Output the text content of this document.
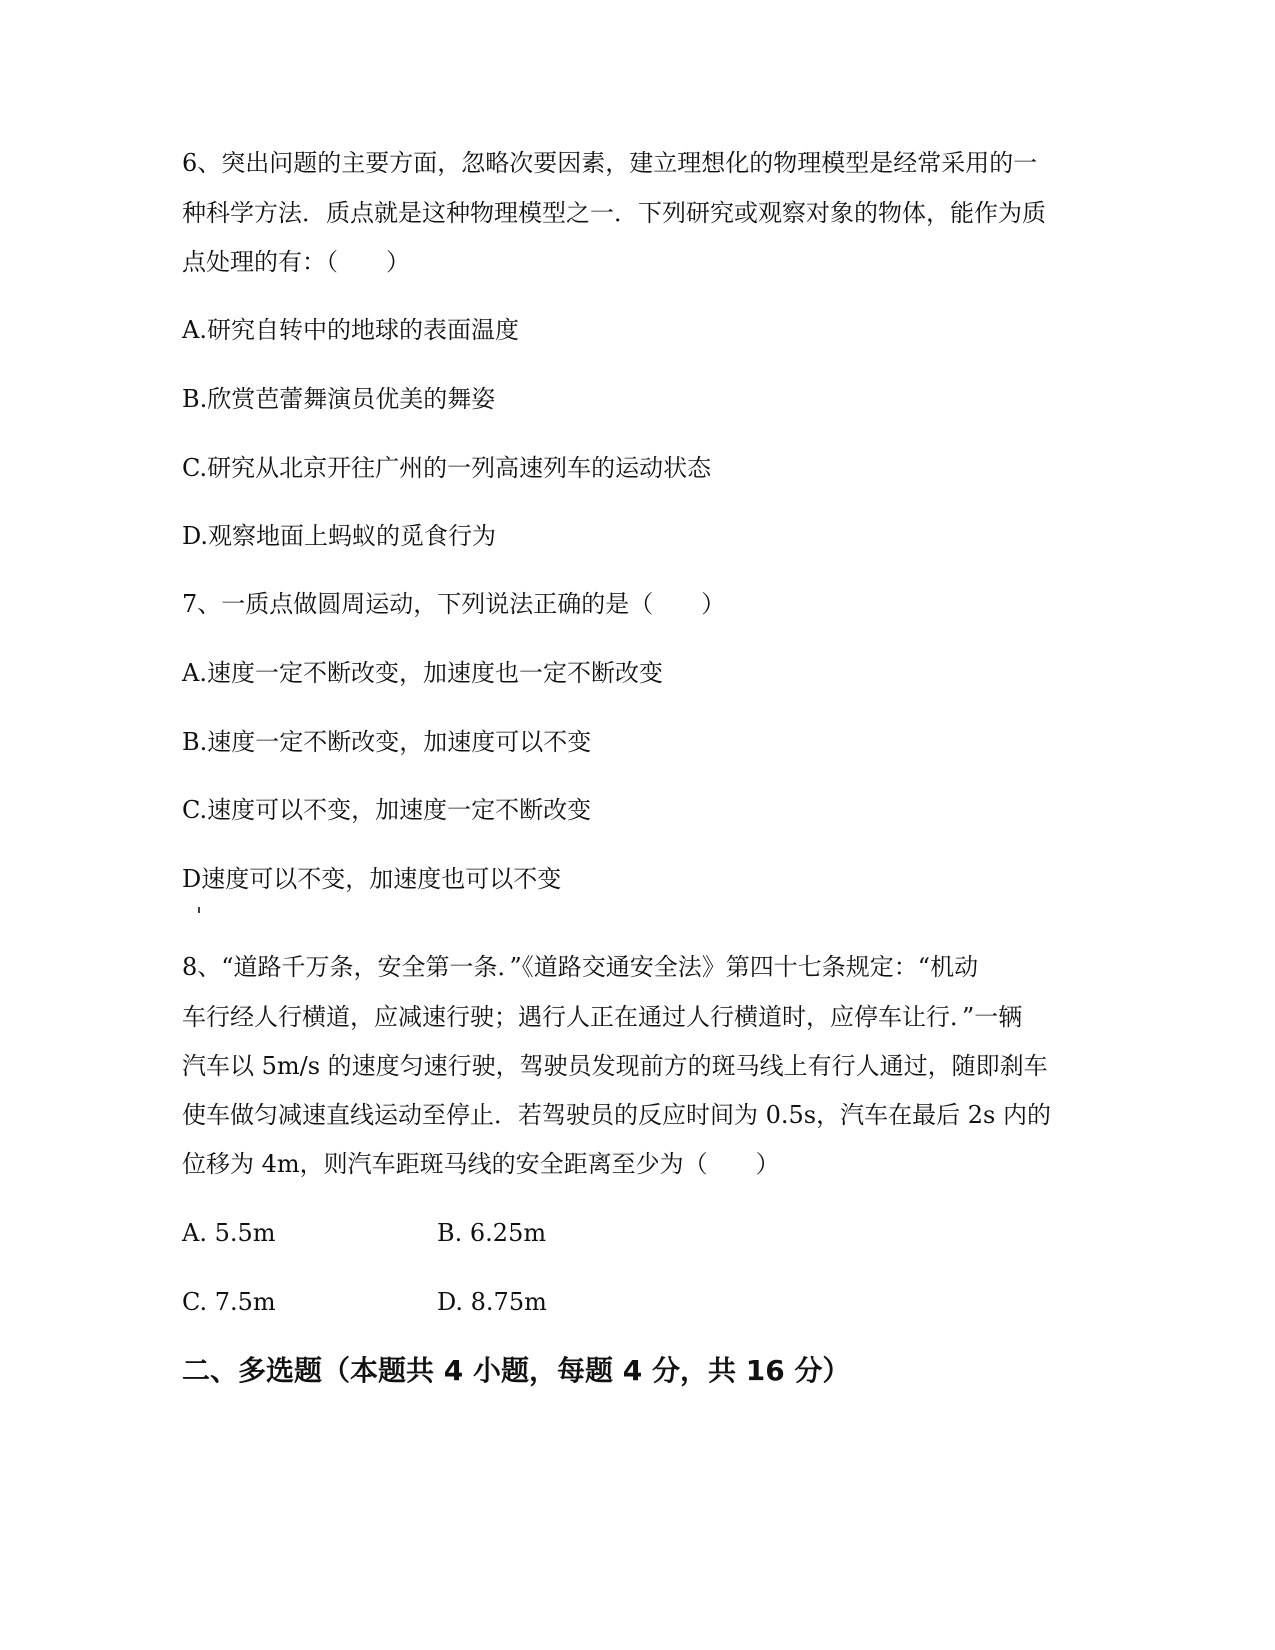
6、突出问题的主要方面，忽略次要因素，建立理想化的物理模型是经常采用的一
种科学方法．质点就是这种物理模型之一．下列研究或观察对象的物体，能作为质
点处理的有：（　　）
A.研究自转中的地球的表面温度
B.欣赏芭蕾舞演员优美的舞姿
C.研究从北京开往广州的一列高速列车的运动状态
D.观察地面上蚂蚁的觅食行为
7、一质点做圆周运动，下列说法正确的是（　　）
A.速度一定不断改变，加速度也一定不断改变
B.速度一定不断改变，加速度可以不变
C.速度可以不变，加速度一定不断改变
D速度可以不变，加速度也可以不变
8、“道路千万条，安全第一条．”《道路交通安全法》第四十七条规定：“机动
车行经人行横道，应减速行驶；遇行人正在通过人行横道时，应停车让行．”一辆
汽车以 5m/s 的速度匀速行驶，驾驶员发现前方的斑马线上有行人通过，随即刹车
使车做匀减速直线运动至停止．若驾驶员的反应时间为 0.5s，汽车在最后 2s 内的
位移为 4m，则汽车距斑马线的安全距离至少为（　　）
A. 5.5m	B. 6.25m
C. 7.5m	D. 8.75m
二、多选题（本题共 4 小题，每题 4 分，共 16 分）
